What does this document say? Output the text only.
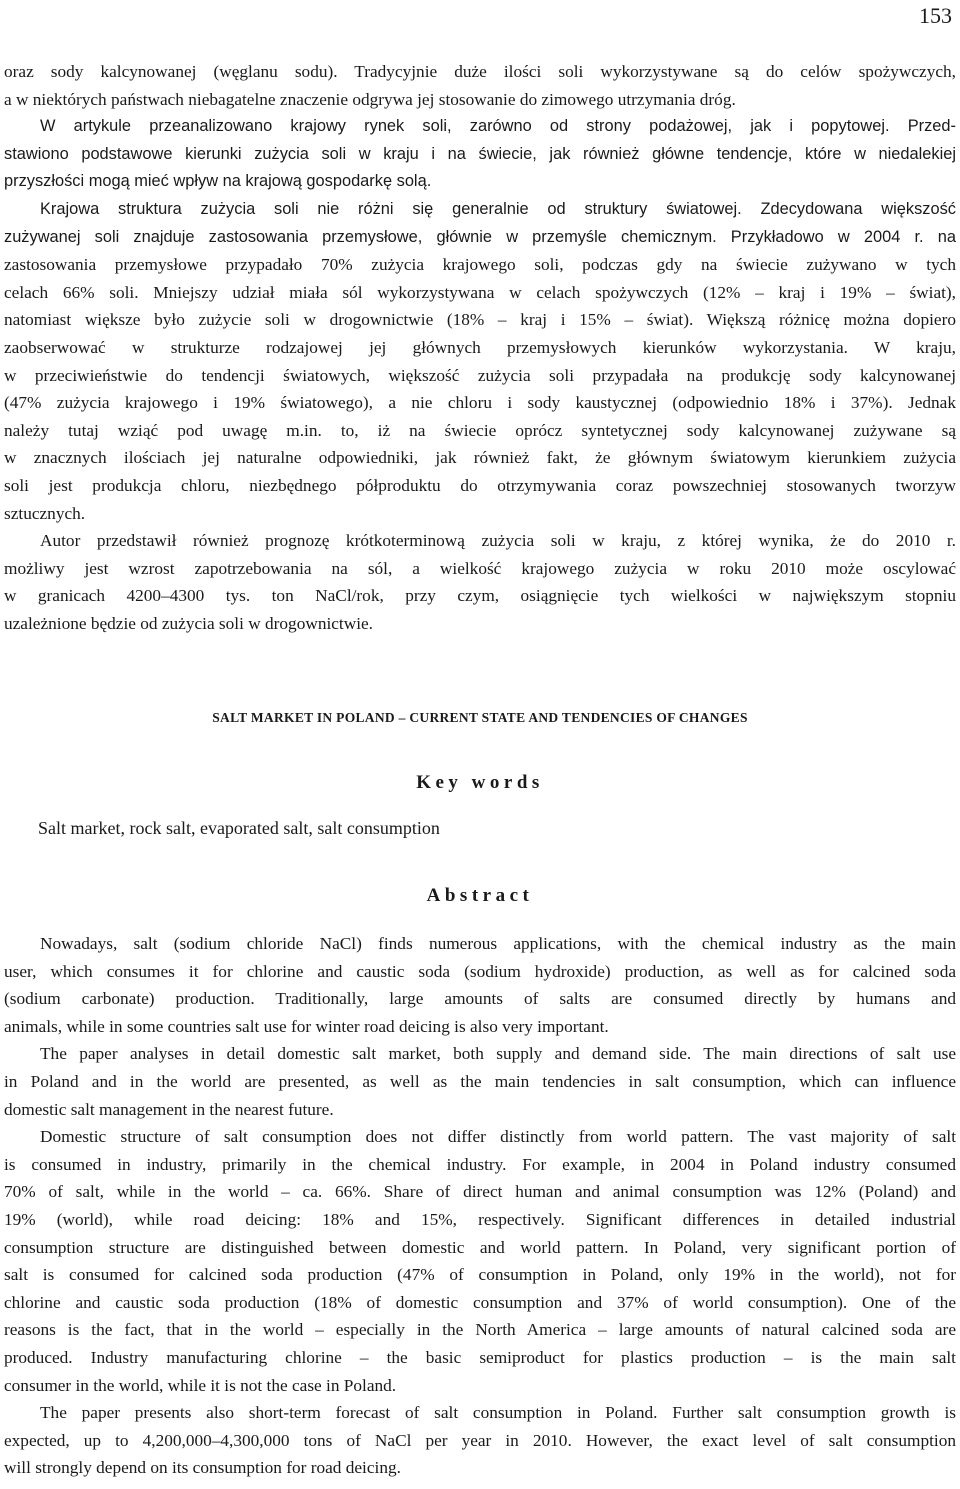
153
oraz sody kalcynowanej (węglanu sodu). Tradycyjnie duże ilości soli wykorzystywane są do celów spożywczych,
a w niektórych państwach niebagatelne znaczenie odgrywa jej stosowanie do zimowego utrzymania dróg.
W artykule przeanalizowano krajowy rynek soli, zarówno od strony podażowej, jak i popytowej. Przed-
stawiono podstawowe kierunki zużycia soli w kraju i na świecie, jak również główne tendencje, które w niedalekiej
przyszłości mogą mieć wpływ na krajową gospodarkę solą.
Krajowa struktura zużycia soli nie różni się generalnie od struktury światowej. Zdecydowana większość
zużywanej soli znajduje zastosowania przemysłowe, głównie w przemyśle chemicznym. Przykładowo w 2004 r. na
zastosowania przemysłowe przypadało 70% zużycia krajowego soli, podczas gdy na świecie zużywano w tych
celach 66% soli. Mniejszy udział miała sól wykorzystywana w celach spożywczych (12% – kraj i 19% – świat),
natomiast większe było zużycie soli w drogownictwie (18% – kraj i 15% – świat). Większą różnicę można dopiero
zaobserwować w strukturze rodzajowej jej głównych przemysłowych kierunków wykorzystania. W kraju,
w przeciwieństwie do tendencji światowych, większość zużycia soli przypadała na produkcję sody kalcynowanej
(47% zużycia krajowego i 19% światowego), a nie chloru i sody kaustycznej (odpowiednio 18% i 37%). Jednak
należy tutaj wziąć pod uwagę m.in. to, iż na świecie oprócz syntetycznej sody kalcynowanej zużywane są
w znacznych ilościach jej naturalne odpowiedniki, jak również fakt, że głównym światowym kierunkiem zużycia
soli jest produkcja chloru, niezbędnego półproduktu do otrzymywania coraz powszechniej stosowanych tworzyw
sztucznych.
Autor przedstawił również prognozę krótkoterminową zużycia soli w kraju, z której wynika, że do 2010 r.
możliwy jest wzrost zapotrzebowania na sól, a wielkość krajowego zużycia w roku 2010 może oscylować
w granicach 4200–4300 tys. ton NaCl/rok, przy czym, osiągnięcie tych wielkości w największym stopniu
uzależnione będzie od zużycia soli w drogownictwie.
SALT MARKET IN POLAND – CURRENT STATE AND TENDENCIES OF CHANGES
Key words

Salt market, rock salt, evaporated salt, salt consumption

Abstract
Nowadays, salt (sodium chloride NaCl) finds numerous applications, with the chemical industry as the main
user, which consumes it for chlorine and caustic soda (sodium hydroxide) production, as well as for calcined soda
(sodium carbonate) production. Traditionally, large amounts of salts are consumed directly by humans and
animals, while in some countries salt use for winter road deicing is also very important.
The paper analyses in detail domestic salt market, both supply and demand side. The main directions of salt use
in Poland and in the world are presented, as well as the main tendencies in salt consumption, which can influence
domestic salt management in the nearest future.
Domestic structure of salt consumption does not differ distinctly from world pattern. The vast majority of salt
is consumed in industry, primarily in the chemical industry. For example, in 2004 in Poland industry consumed
70% of salt, while in the world – ca. 66%. Share of direct human and animal consumption was 12% (Poland) and
19% (world), while road deicing: 18% and 15%, respectively. Significant differences in detailed industrial
consumption structure are distinguished between domestic and world pattern. In Poland, very significant portion of
salt is consumed for calcined soda production (47% of consumption in Poland, only 19% in the world), not for
chlorine and caustic soda production (18% of domestic consumption and 37% of world consumption). One of the
reasons is the fact, that in the world – especially in the North America – large amounts of natural calcined soda are
produced. Industry manufacturing chlorine – the basic semiproduct for plastics production – is the main salt
consumer in the world, while it is not the case in Poland.
The paper presents also short-term forecast of salt consumption in Poland. Further salt consumption growth is
expected, up to 4,200,000–4,300,000 tons of NaCl per year in 2010. However, the exact level of salt consumption
will strongly depend on its consumption for road deicing.
